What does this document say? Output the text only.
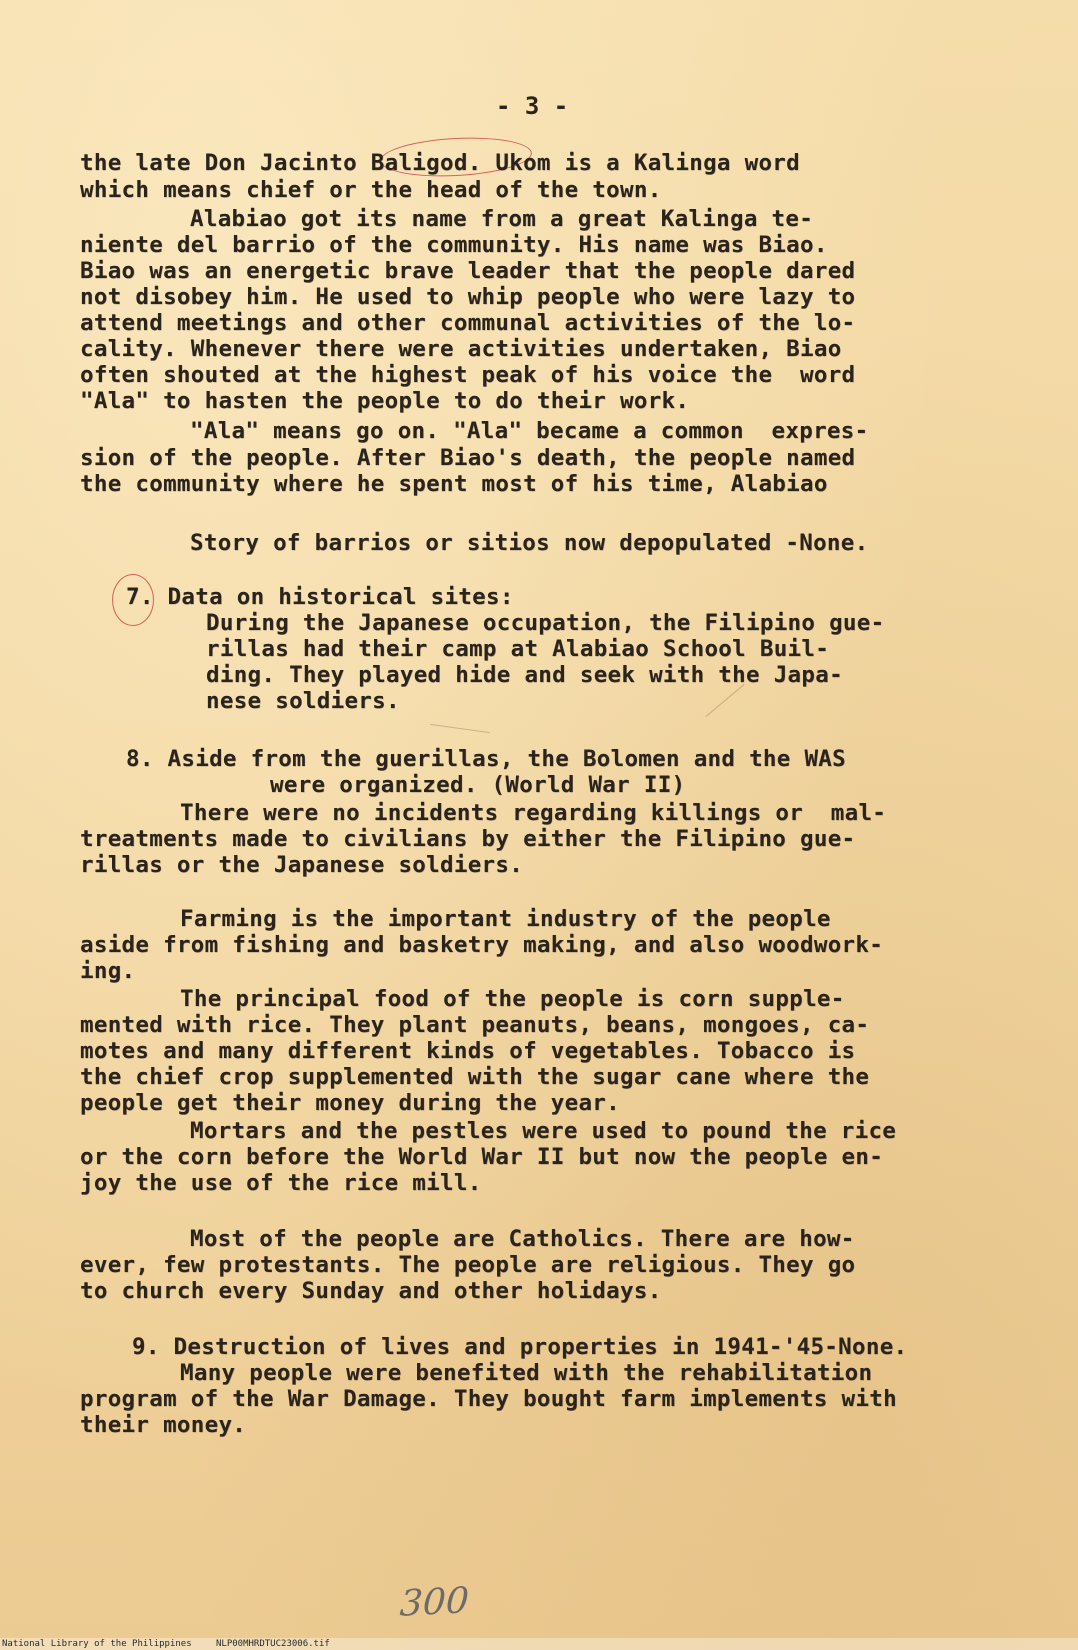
- 3 -
the late Don Jacinto Baligod. Ukom is a Kalinga word
which means chief or the head of the town.
Alabiao got its name from a great Kalinga te-
niente del barrio of the community. His name was Biao.
Biao was an energetic brave leader that the people dared
not disobey him. He used to whip people who were lazy to
attend meetings and other communal activities of the lo-
cality. Whenever there were activities undertaken, Biao
often shouted at the highest peak of his voice the  word
"Ala" to hasten the people to do their work.
"Ala" means go on. "Ala" became a common  expres-
sion of the people. After Biao's death, the people named
the community where he spent most of his time, Alabiao
Story of barrios or sitios now depopulated -None.
7. Data on historical sites:
During the Japanese occupation, the Filipino gue-
rillas had their camp at Alabiao School Buil-
ding. They played hide and seek with the Japa-
nese soldiers.
8. Aside from the guerillas, the Bolomen and the WAS
were organized. (World War II)
There were no incidents regarding killings or  mal-
treatments made to civilians by either the Filipino gue-
rillas or the Japanese soldiers.
Farming is the important industry of the people
aside from fishing and basketry making, and also woodwork-
ing.
The principal food of the people is corn supple-
mented with rice. They plant peanuts, beans, mongoes, ca-
motes and many different kinds of vegetables. Tobacco is
the chief crop supplemented with the sugar cane where the
people get their money during the year.
Mortars and the pestles were used to pound the rice
or the corn before the World War II but now the people en-
joy the use of the rice mill.
Most of the people are Catholics. There are how-
ever, few protestants. The people are religious. They go
to church every Sunday and other holidays.
9. Destruction of lives and properties in 1941-'45-None.
Many people were benefited with the rehabilitation
program of the War Damage. They bought farm implements with
their money.
300
National Library of the Philippines	NLP00MHRDTUC23006.tif
